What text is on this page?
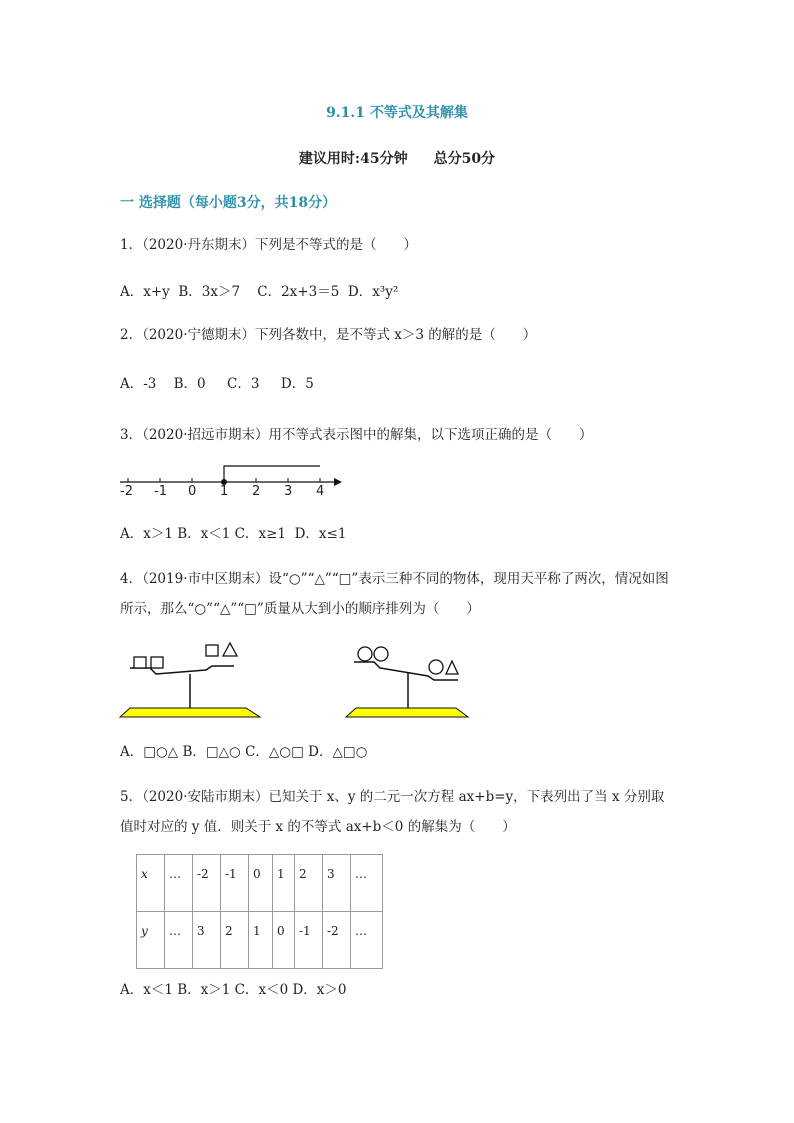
9.1.1 不等式及其解集
建议用时:45分钟 总分50分
一 选择题（每小题3分，共18分）
1．（2020·丹东期末）下列是不等式的是（　　）
A．x+y  B．3x＞7    C．2x+3＝5  D．x³y²
2．（2020·宁德期末）下列各数中，是不等式 x＞3 的解的是（　　）
A．-3    B．0     C．3     D．5
3．（2020·招远市期末）用不等式表示图中的解集，以下选项正确的是（　　）
-2 -1 0 1 2 3 4
A．x＞1 B．x＜1 C．x≥1  D．x≤1
4．（2019·市中区期末）设“○”“△”“□”表示三种不同的物体，现用天平称了两次，情况如图
所示，那么“○”“△”“□”质量从大到小的顺序排列为（　　）
A．□○△ B．□△○ C．△○□ D．△□○
5．（2020·安陆市期末）已知关于 x、y 的二元一次方程 ax+b=y，下表列出了当 x 分别取
值时对应的 y 值．则关于 x 的不等式 ax+b＜0 的解集为（　　）
x	…	-2	-1	0	1	2	3	…
y	…	3	2	1	0	-1	-2	…
A．x＜1 B．x＞1 C．x＜0 D．x＞0
